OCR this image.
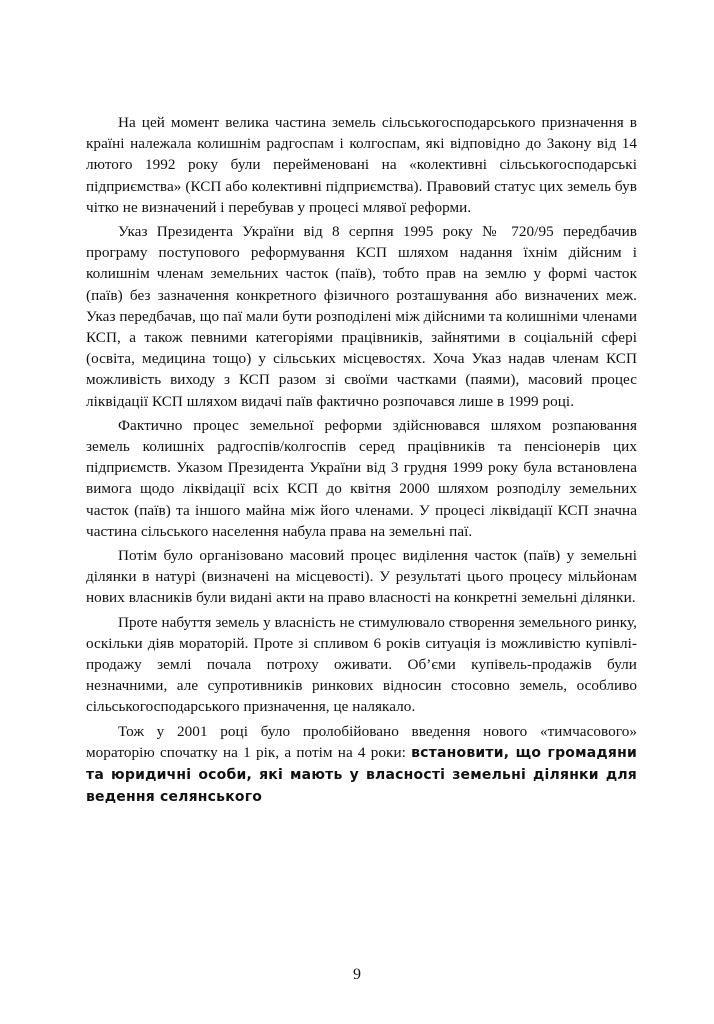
На цей момент велика частина земель сільськогосподарського призначення в країні належала колишнім радгоспам і колгоспам, які відповідно до Закону від 14 лютого 1992 року були перейменовані на «колективні сільськогосподарські підприємства» (КСП або колективні підприємства). Правовий статус цих земель був чітко не визначений і перебував у процесі млявої реформи.

Указ Президента України від 8 серпня 1995 року № 720/95 передбачив програму поступового реформування КСП шляхом надання їхнім дійсним і колишнім членам земельних часток (паїв), тобто прав на землю у формі часток (паїв) без зазначення конкретного фізичного розташування або визначених меж. Указ передбачав, що паї мали бути розподілені між дійсними та колишніми членами КСП, а також певними категоріями працівників, зайнятими в соціальній сфері (освіта, медицина тощо) у сільських місцевостях. Хоча Указ надав членам КСП можливість виходу з КСП разом зі своїми частками (паями), масовий процес ліквідації КСП шляхом видачі паїв фактично розпочався лише в 1999 році.

Фактично процес земельної реформи здійснювався шляхом розпаювання земель колишніх радгоспів/колгоспів серед працівників та пенсіонерів цих підприємств. Указом Президента України від 3 грудня 1999 року була встановлена вимога щодо ліквідації всіх КСП до квітня 2000 шляхом розподілу земельних часток (паїв) та іншого майна між його членами. У процесі ліквідації КСП значна частина сільського населення набула права на земельні паї.

Потім було організовано масовий процес виділення часток (паїв) у земельні ділянки в натурі (визначені на місцевості). У результаті цього процесу мільйонам нових власників були видані акти на право власності на конкретні земельні ділянки.

Проте набуття земель у власність не стимулювало створення земельного ринку, оскільки діяв мораторій. Проте зі спливом 6 років ситуація із можливістю купівлі-продажу землі почала потроху оживати. Об’єми купівель-продажів були незначними, але супротивників ринкових відносин стосовно земель, особливо сільськогосподарського призначення, це налякало.

Тож у 2001 році було пролобійовано введення нового «тимчасового» мораторію спочатку на 1 рік, а потім на 4 роки: встановити, що громадяни та юридичні особи, які мають у власності земельні ділянки для ведення селянського

9
